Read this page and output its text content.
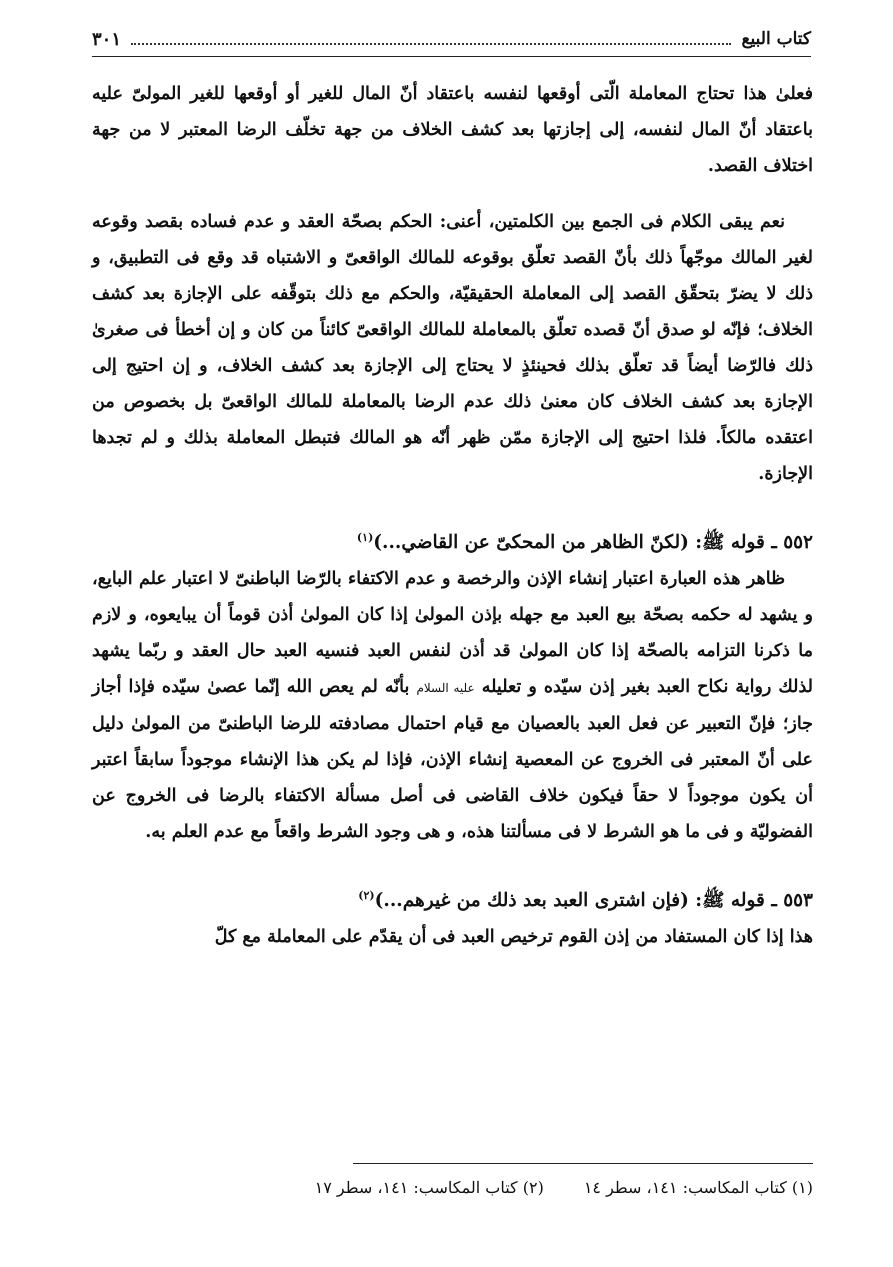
كتاب البيع
٣٠١

فعلىٰ هذا تحتاج المعاملة الّتى أوقعها لنفسه باعتقاد أنّ المال للغير أو أوقعها للغير المولىّ عليه باعتقاد أنّ المال لنفسه، إلى إجازتها بعد كشف الخلاف من جهة تخلّف الرضا المعتبر لا من جهة اختلاف القصد.

نعم يبقى الكلام فى الجمع بين الكلمتين، أعنى: الحكم بصحّة العقد و عدم فساده بقصد وقوعه لغير المالك موجّهاً ذلك بأنّ القصد تعلّق بوقوعه للمالك الواقعىّ و الاشتباه قد وقع فى التطبيق، و ذلك لا يضرّ بتحقّق القصد إلى المعاملة الحقيقيّة، والحكم مع ذلك بتوقّفه على الإجازة بعد كشف الخلاف؛ فإنّه لو صدق أنّ قصده تعلّق بالمعاملة للمالك الواقعىّ كائناً من كان و إن أخطأ فى صغرىٰ ذلك فالرّضا أيضاً قد تعلّق بذلك فحينئذٍ لا يحتاج إلى الإجازة بعد كشف الخلاف، و إن احتيج إلى الإجازة بعد كشف الخلاف كان معنىٰ ذلك عدم الرضا بالمعاملة للمالك الواقعىّ بل بخصوص من اعتقده مالكاً. فلذا احتيج إلى الإجازة ممّن ظهر أنّه هو المالك فتبطل المعاملة بذلك و لم تجدها الإجازة.

٥٥٢ ـ قوله ﷺ: (لكنّ الظاهر من المحكىّ عن القاضي...)$^{(١)}$

ظاهر هذه العبارة اعتبار إنشاء الإذن والرخصة و عدم الاكتفاء بالرّضا الباطنىّ لا اعتبار علم البايع، و يشهد له حكمه بصحّة بيع العبد مع جهله بإذن المولىٰ إذا كان المولىٰ أذن قوماً أن يبايعوه، و لازم ما ذكرنا التزامه بالصحّة إذا كان المولىٰ قد أذن لنفس العبد فنسيه العبد حال العقد و ربّما يشهد لذلك رواية نكاح العبد بغير إذن سيّده و تعليله عليه السلام بأنّه لم يعص الله إنّما عصىٰ سيّده فإذا أجاز جاز؛ فإنّ التعبير عن فعل العبد بالعصيان مع قيام احتمال مصادفته للرضا الباطنىّ من المولىٰ دليل على أنّ المعتبر فى الخروج عن المعصية إنشاء الإذن، فإذا لم يكن هذا الإنشاء موجوداً سابقاً اعتبر أن يكون موجوداً لا حقاً فيكون خلاف القاضى فى أصل مسألة الاكتفاء بالرضا فى الخروج عن الفضوليّة و فى ما هو الشرط لا فى مسألتنا هذه، و هى وجود الشرط واقعاً مع عدم العلم به.

٥٥٣ ـ قوله ﷺ: (فإن اشترى العبد بعد ذلك من غيرهم...)$^{(٢)}$

هذا إذا كان المستفاد من إذن القوم ترخيص العبد فى أن يقدّم على المعاملة مع كلّ

(١) كتاب المكاسب: ١٤١، سطر ١٤
(٢) كتاب المكاسب: ١٤١، سطر ١٧
